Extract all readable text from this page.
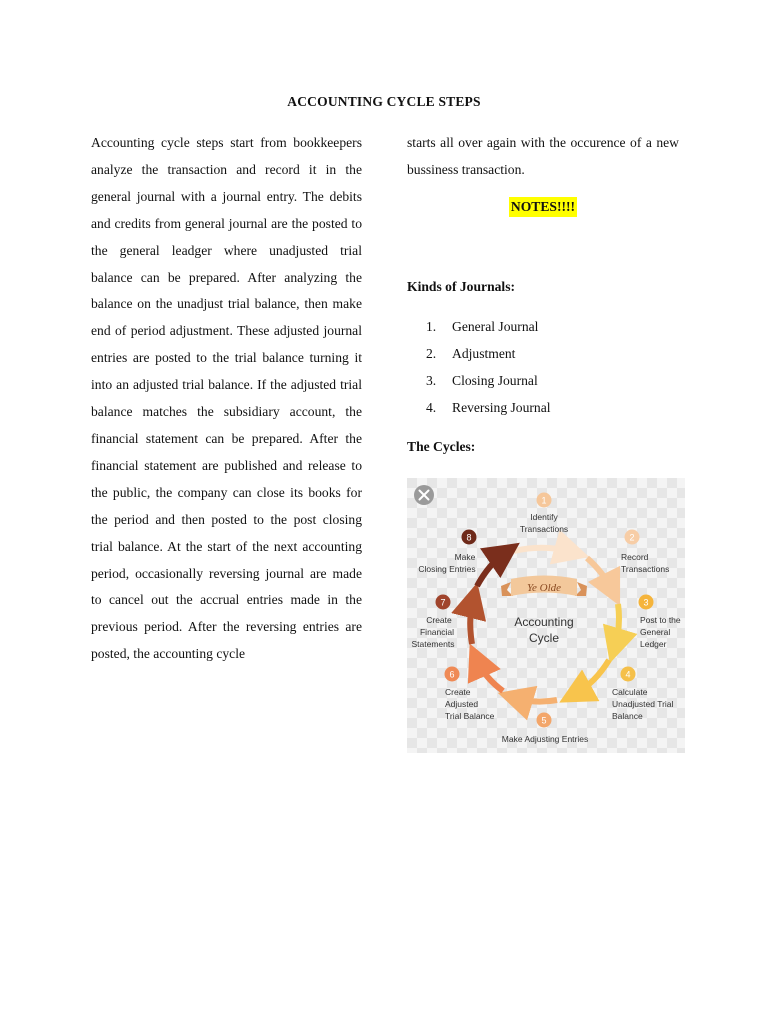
ACCOUNTING CYCLE STEPS
Accounting cycle steps start from bookkeepers analyze the transaction and record it in the general journal with a journal entry. The debits and credits from general journal are the posted to the general leadger where unadjusted trial balance can be prepared. After analyzing the balance on the unadjust trial balance, then make end of period adjustment. These adjusted journal entries are posted to the trial balance turning it into an adjusted trial balance. If the adjusted trial balance matches the subsidiary account, the financial statement can be prepared. After the financial statement are published and release to the public, the company can close its books for the period and then posted to the post closing trial balance. At the start of the next accounting period, occasionally reversing journal are made to cancel out the accrual entries made in the previous period. After the reversing entries are posted, the accounting cycle
starts all over again with the occurence of a new bussiness transaction.
NOTES!!!!
Kinds of Journals:
1.	General Journal
2.	Adjustment
3.	Closing Journal
4.	Reversing Journal
The Cycles:
Ye Olde
Accounting
Cycle
1
Identify
Transactions
2
Record
Transactions
3
Post to the
General
Ledger
4
Calculate
Unadjusted Trial
Balance
5
Make Adjusting Entries
6
Create
Adjusted
Trial Balance
7
Create
Financial
Statements
8
Make
Closing Entries
